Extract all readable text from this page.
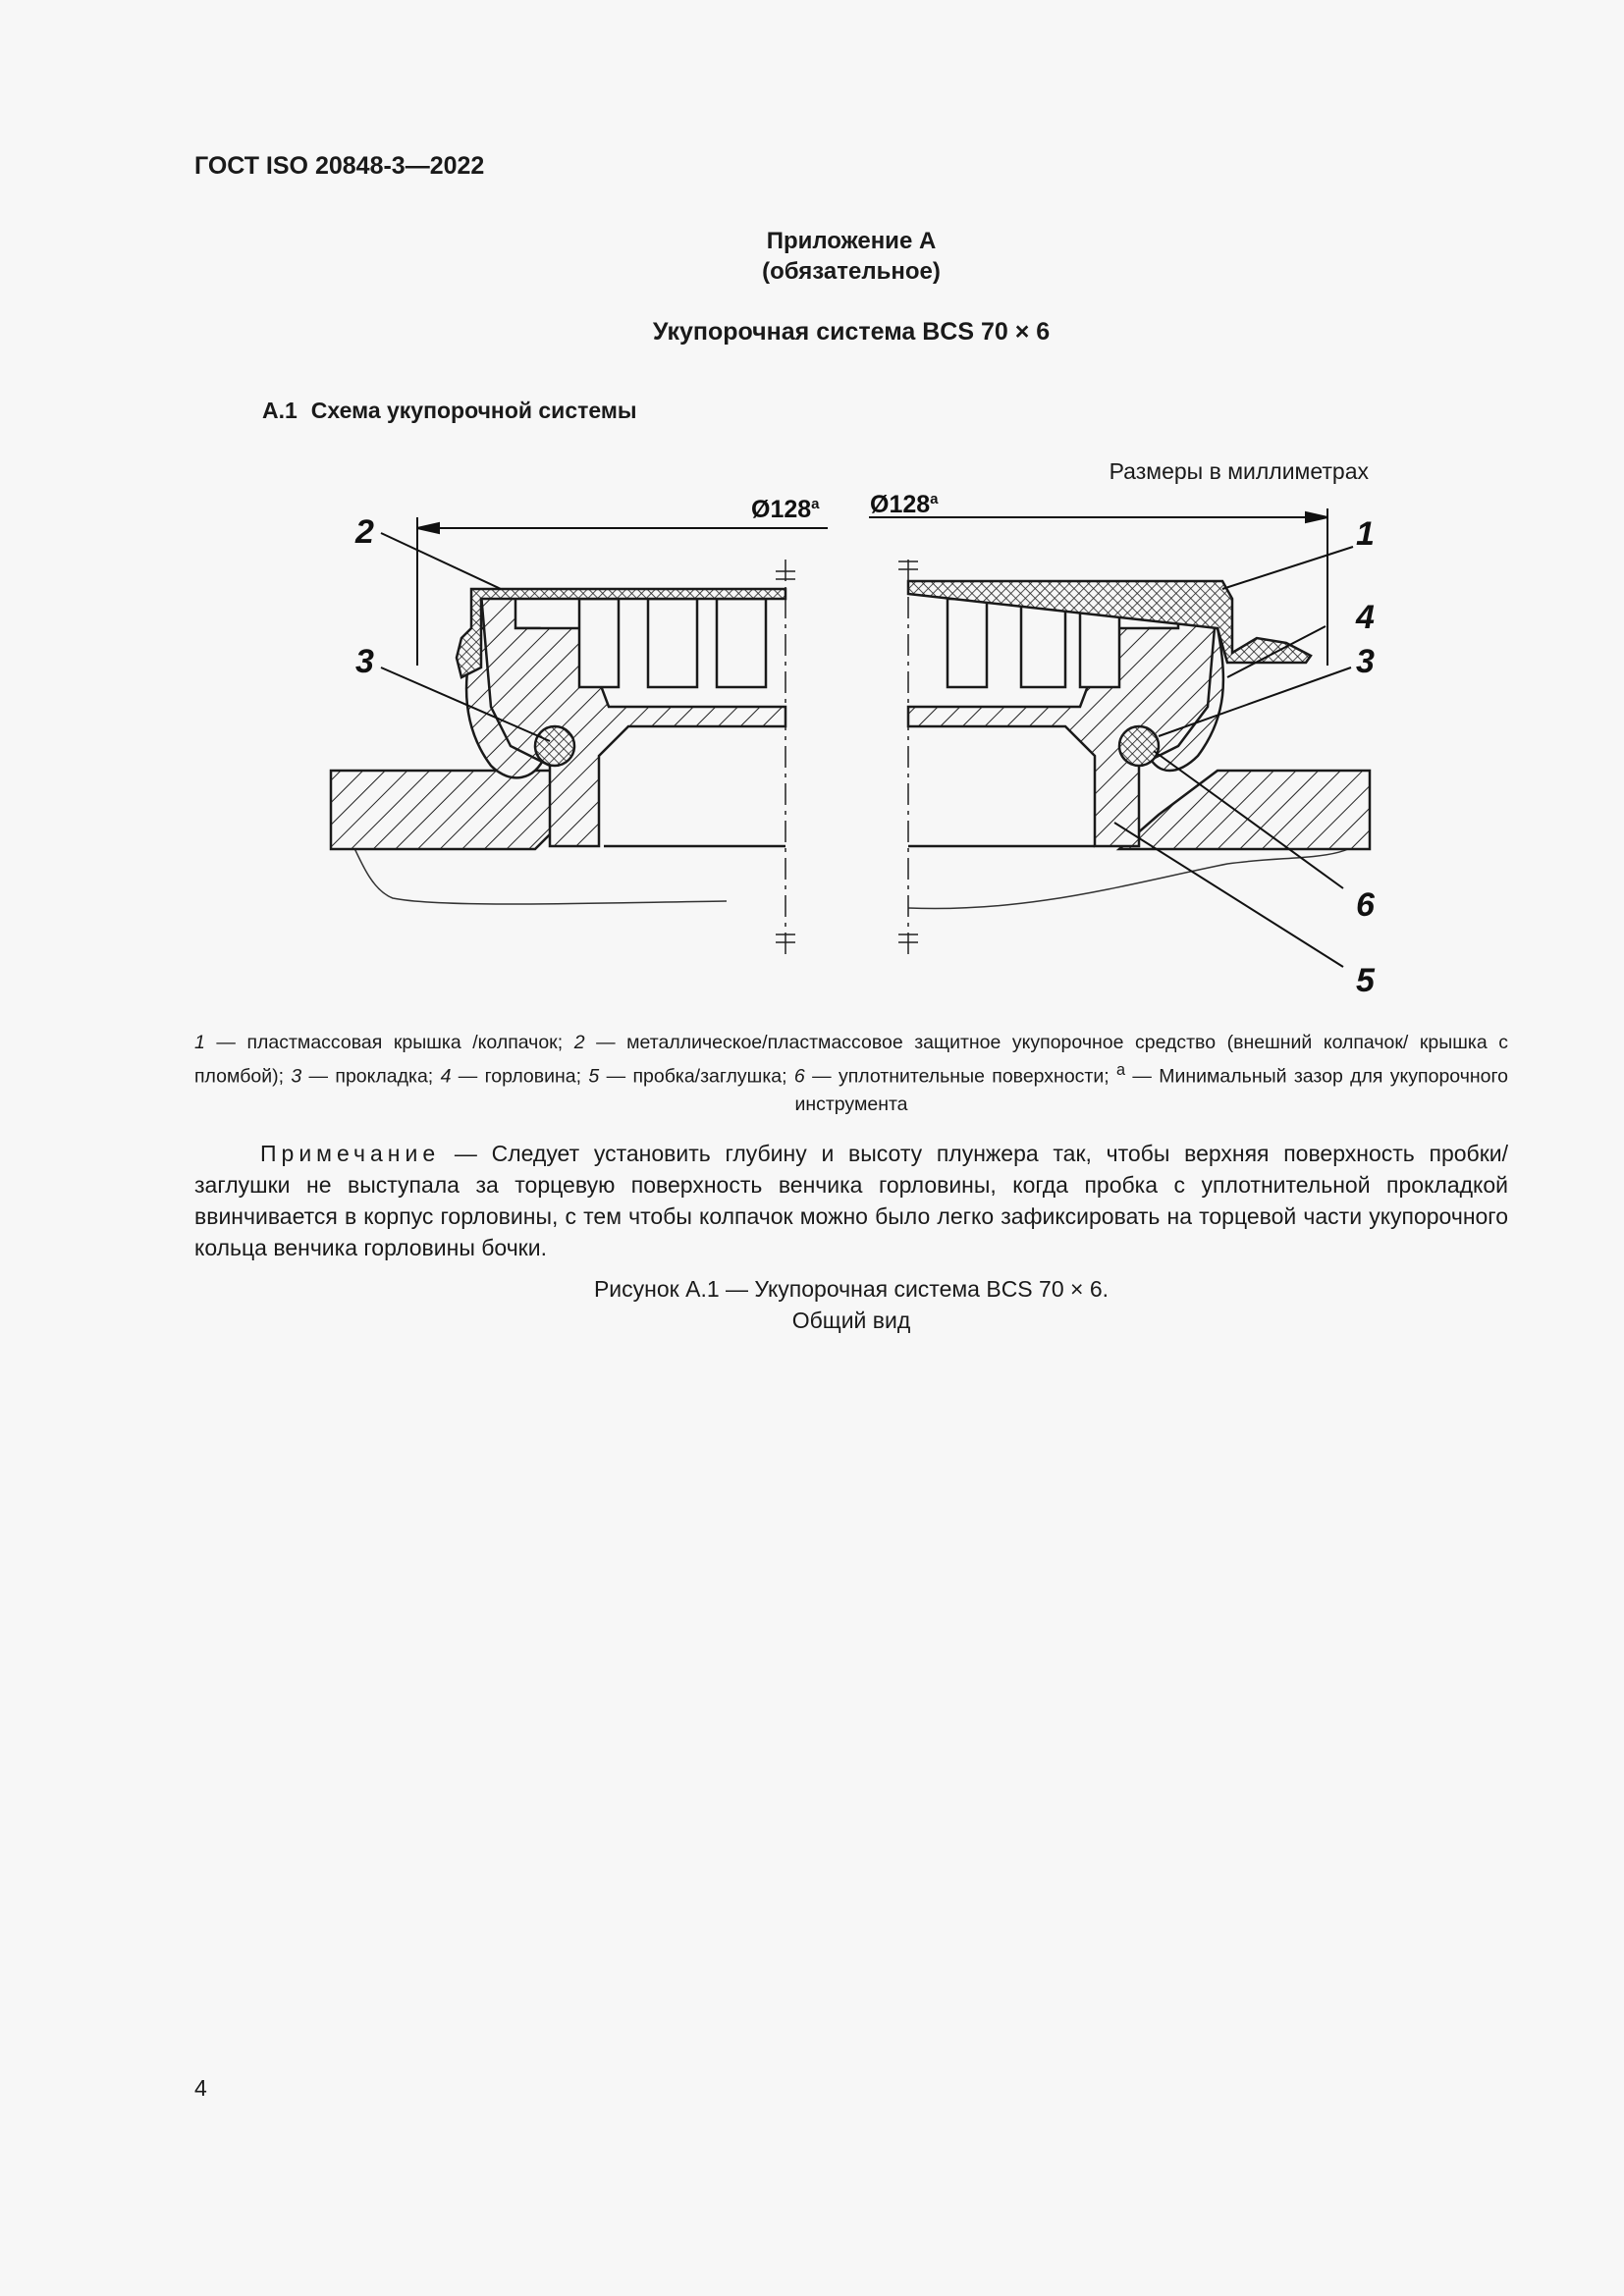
ГОСТ ISO 20848-3—2022
Приложение А
(обязательное)
Укупорочная система BCS 70 × 6
А.1 Схема укупорочной системы
Размеры в миллиметрах
Ø128$^a$ Ø128$^a$
2
3
1
4
3
6
5
1 — пластмассовая крышка /колпачок; 2 — металлическое/пластмассовое защитное укупорочное средство (внешний колпачок/ крышка с пломбой); 3 — прокладка; 4 — горловина; 5 — пробка/заглушка; 6 — уплотнительные поверхности; $^a$ — Минимальный зазор для укупорочного инструмента
Примечание — Следует установить глубину и высоту плунжера так, чтобы верхняя поверхность пробки/ заглушки не выступала за торцевую поверхность венчика горловины, когда пробка с уплотнительной прокладкой ввинчивается в корпус горловины, с тем чтобы колпачок можно было легко зафиксировать на торцевой части укупорочного кольца венчика горловины бочки.
Рисунок А.1 — Укупорочная система BCS 70 × 6.
Общий вид
4
